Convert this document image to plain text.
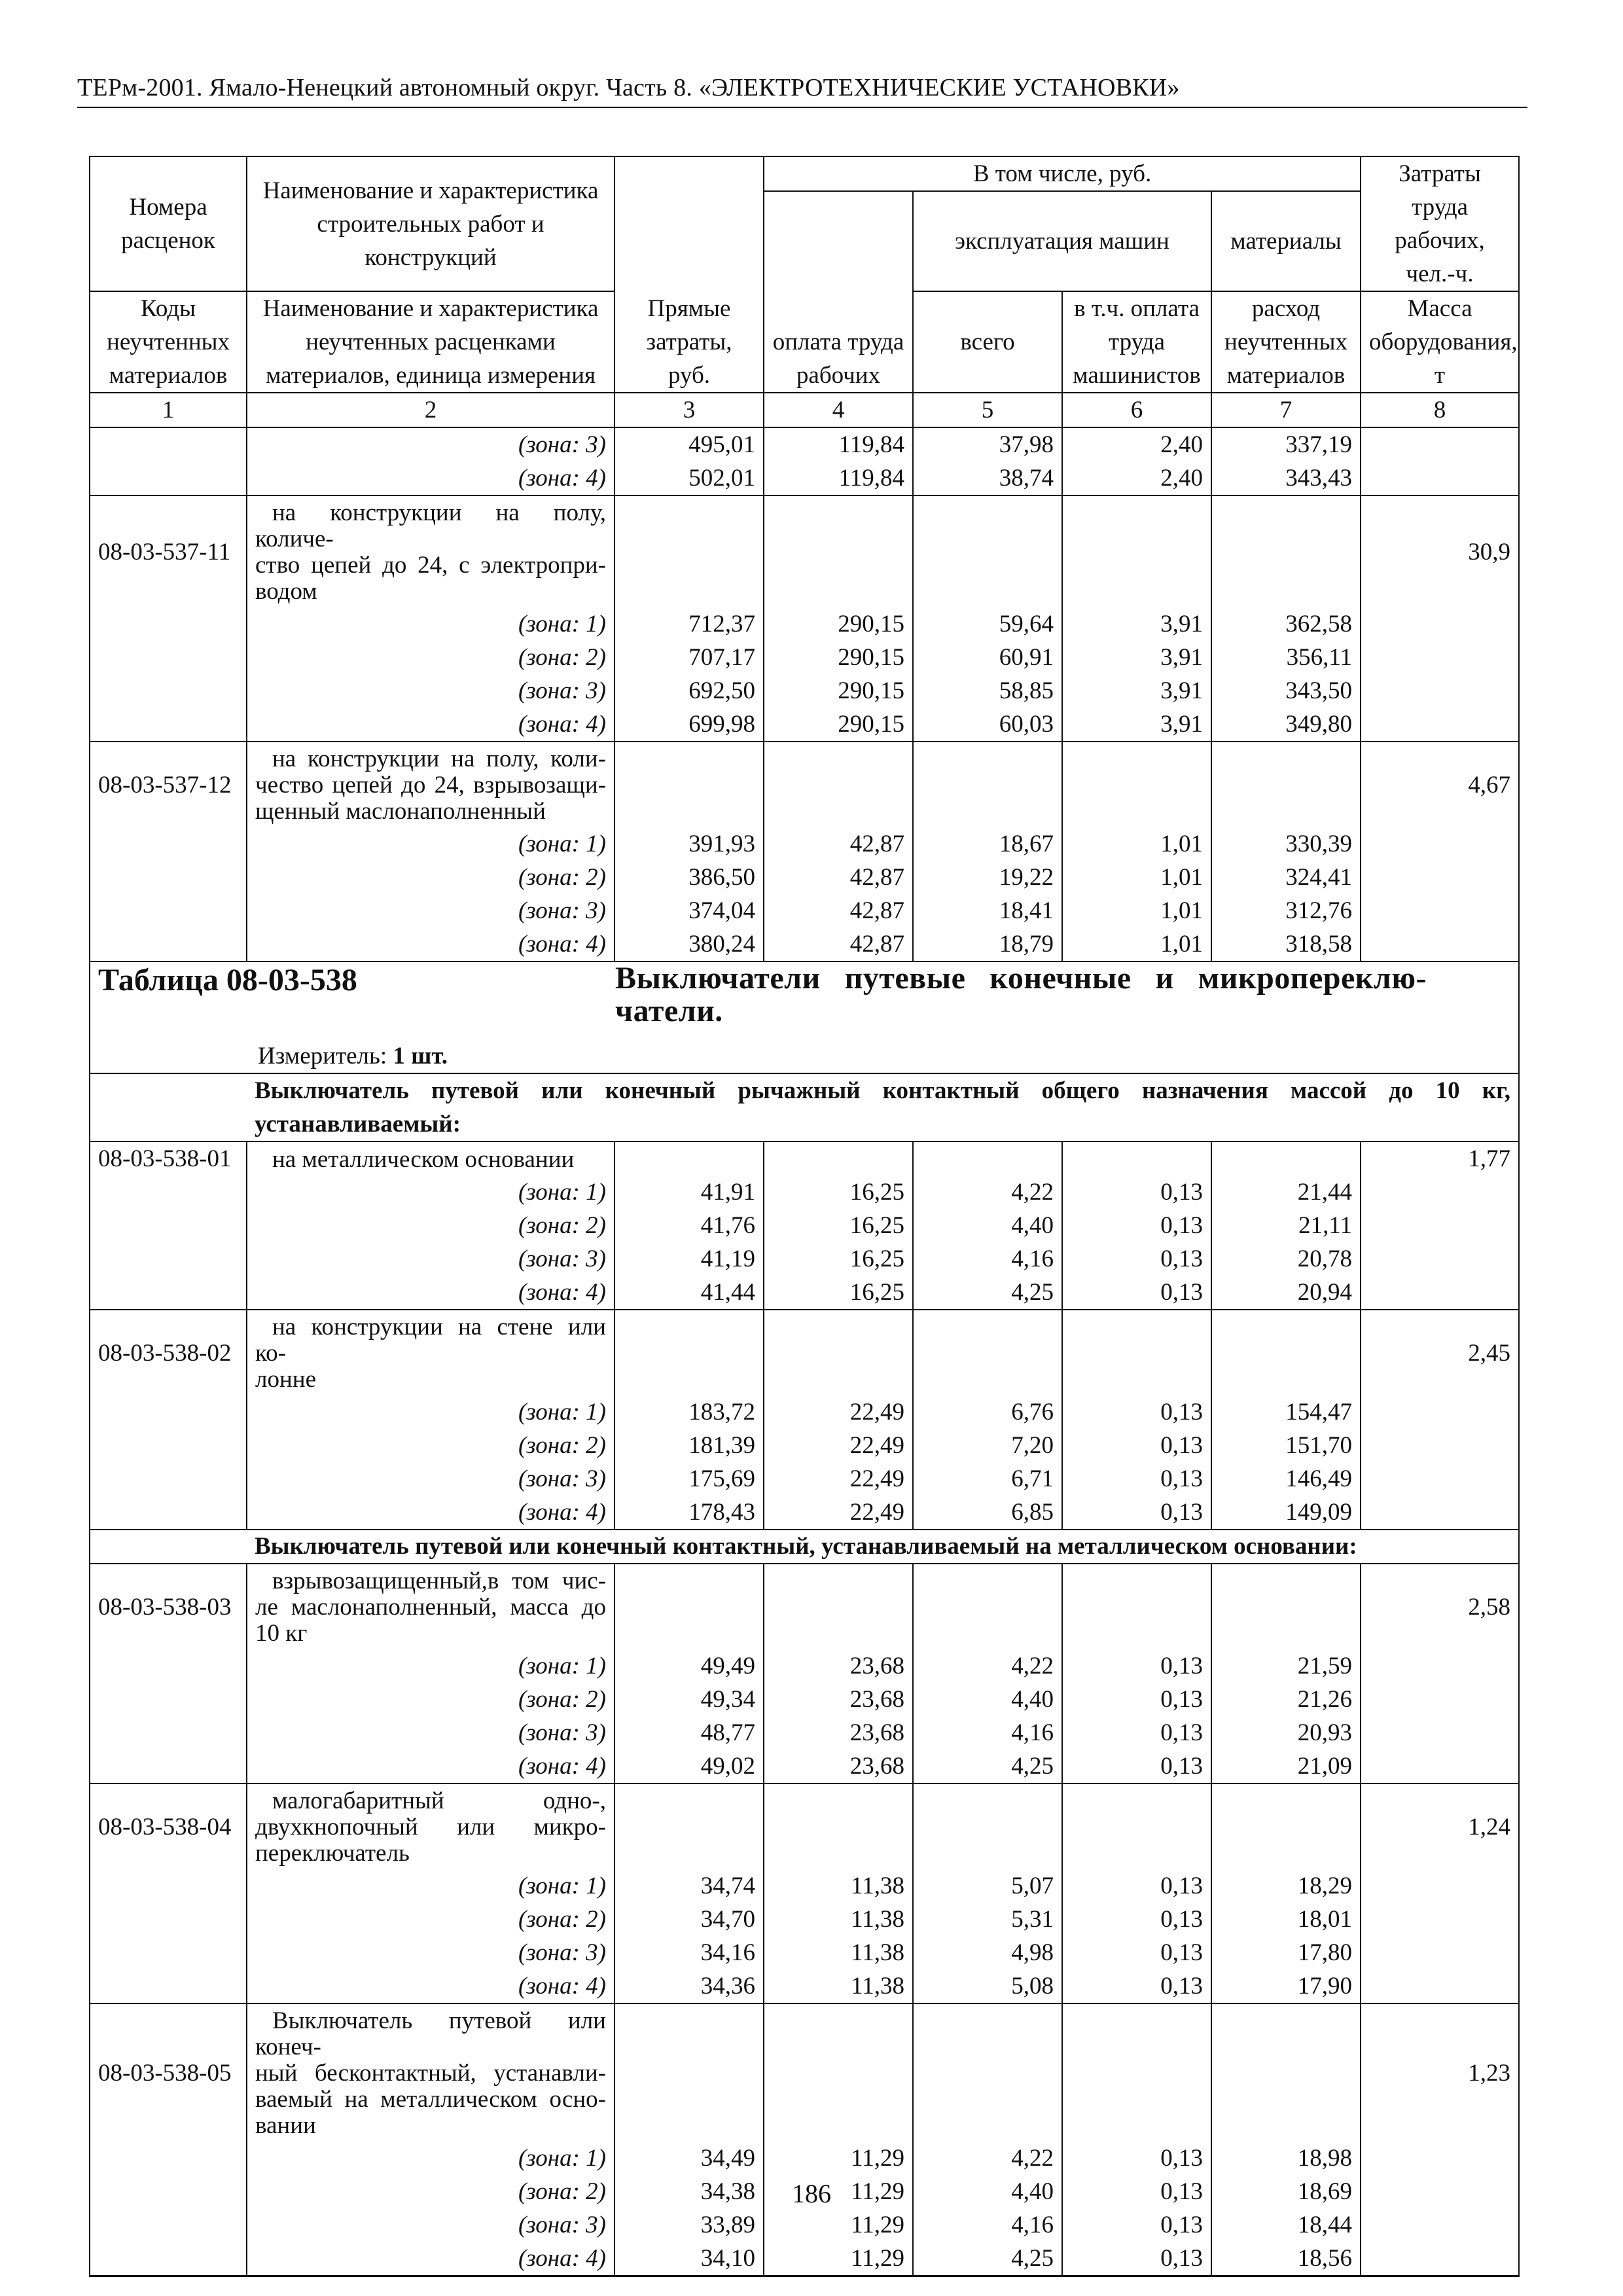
ТЕРм-2001. Ямало-Ненецкий автономный округ. Часть 8. «ЭЛЕКТРОТЕХНИЧЕСКИЕ УСТАНОВКИ»
Номера расценок	Наименование и характеристика строительных работ и конструкций	Прямые затраты, руб.	В том числе, руб.				Затраты труда рабочих, чел.-ч.
			оплата труда рабочих	эксплуатация машин		материалы	
Коды неучтенных материалов	Наименование и характеристика неучтенных расценками материалов, единица измерения			всего	в т.ч. оплата труда машинистов	расход неучтенных материалов	Масса оборудования, т
1	2	3	4	5	6	7	8
	(зона: 3)	495,01	119,84	37,98	2,40	337,19	
	(зона: 4)	502,01	119,84	38,74	2,40	343,43	
08-03-537-11	на конструкции на полу, количе-
ство цепей до 24, с электропри-
водом						30,9
	(зона: 1)	712,37	290,15	59,64	3,91	362,58	
	(зона: 2)	707,17	290,15	60,91	3,91	356,11	
	(зона: 3)	692,50	290,15	58,85	3,91	343,50	
	(зона: 4)	699,98	290,15	60,03	3,91	349,80	
08-03-537-12	на конструкции на полу, коли-
чество цепей до 24, взрывозащи-
щенный маслонаполненный						4,67
	(зона: 1)	391,93	42,87	18,67	1,01	330,39	
	(зона: 2)	386,50	42,87	19,22	1,01	324,41	
	(зона: 3)	374,04	42,87	18,41	1,01	312,76	
	(зона: 4)	380,24	42,87	18,79	1,01	318,58	
Таблица 08-03-538 Выключатели путевые конечные и микропереклю-чатели.
Измеритель: 1 шт.							

	Выключатель путевой или конечный рычажный контактный общего назначения массой до 10 кг, устанавливаемый:						
08-03-538-01	на металлическом основании						1,77
	(зона: 1)	41,91	16,25	4,22	0,13	21,44	
	(зона: 2)	41,76	16,25	4,40	0,13	21,11	
	(зона: 3)	41,19	16,25	4,16	0,13	20,78	
	(зона: 4)	41,44	16,25	4,25	0,13	20,94	
08-03-538-02	на конструкции на стене или ко-
лонне						2,45
	(зона: 1)	183,72	22,49	6,76	0,13	154,47	
	(зона: 2)	181,39	22,49	7,20	0,13	151,70	
	(зона: 3)	175,69	22,49	6,71	0,13	146,49	
	(зона: 4)	178,43	22,49	6,85	0,13	149,09	
	Выключатель путевой или конечный контактный, устанавливаемый на металлическом основании:						
08-03-538-03	взрывозащищенный,в том чис-
ле маслонаполненный, масса до
10 кг						2,58
	(зона: 1)	49,49	23,68	4,22	0,13	21,59	
	(зона: 2)	49,34	23,68	4,40	0,13	21,26	
	(зона: 3)	48,77	23,68	4,16	0,13	20,93	
	(зона: 4)	49,02	23,68	4,25	0,13	21,09	
08-03-538-04	малогабаритный одно-,
двухкнопочный или микро-
переключатель						1,24
	(зона: 1)	34,74	11,38	5,07	0,13	18,29	
	(зона: 2)	34,70	11,38	5,31	0,13	18,01	
	(зона: 3)	34,16	11,38	4,98	0,13	17,80	
	(зона: 4)	34,36	11,38	5,08	0,13	17,90	
08-03-538-05	Выключатель путевой или конеч-
ный бесконтактный, устанавли-
ваемый на металлическом осно-
вании						1,23
	(зона: 1)	34,49	11,29	4,22	0,13	18,98	
	(зона: 2)	34,38	11,29	4,40	0,13	18,69	
	(зона: 3)	33,89	11,29	4,16	0,13	18,44	
	(зона: 4)	34,10	11,29	4,25	0,13	18,56	
186
